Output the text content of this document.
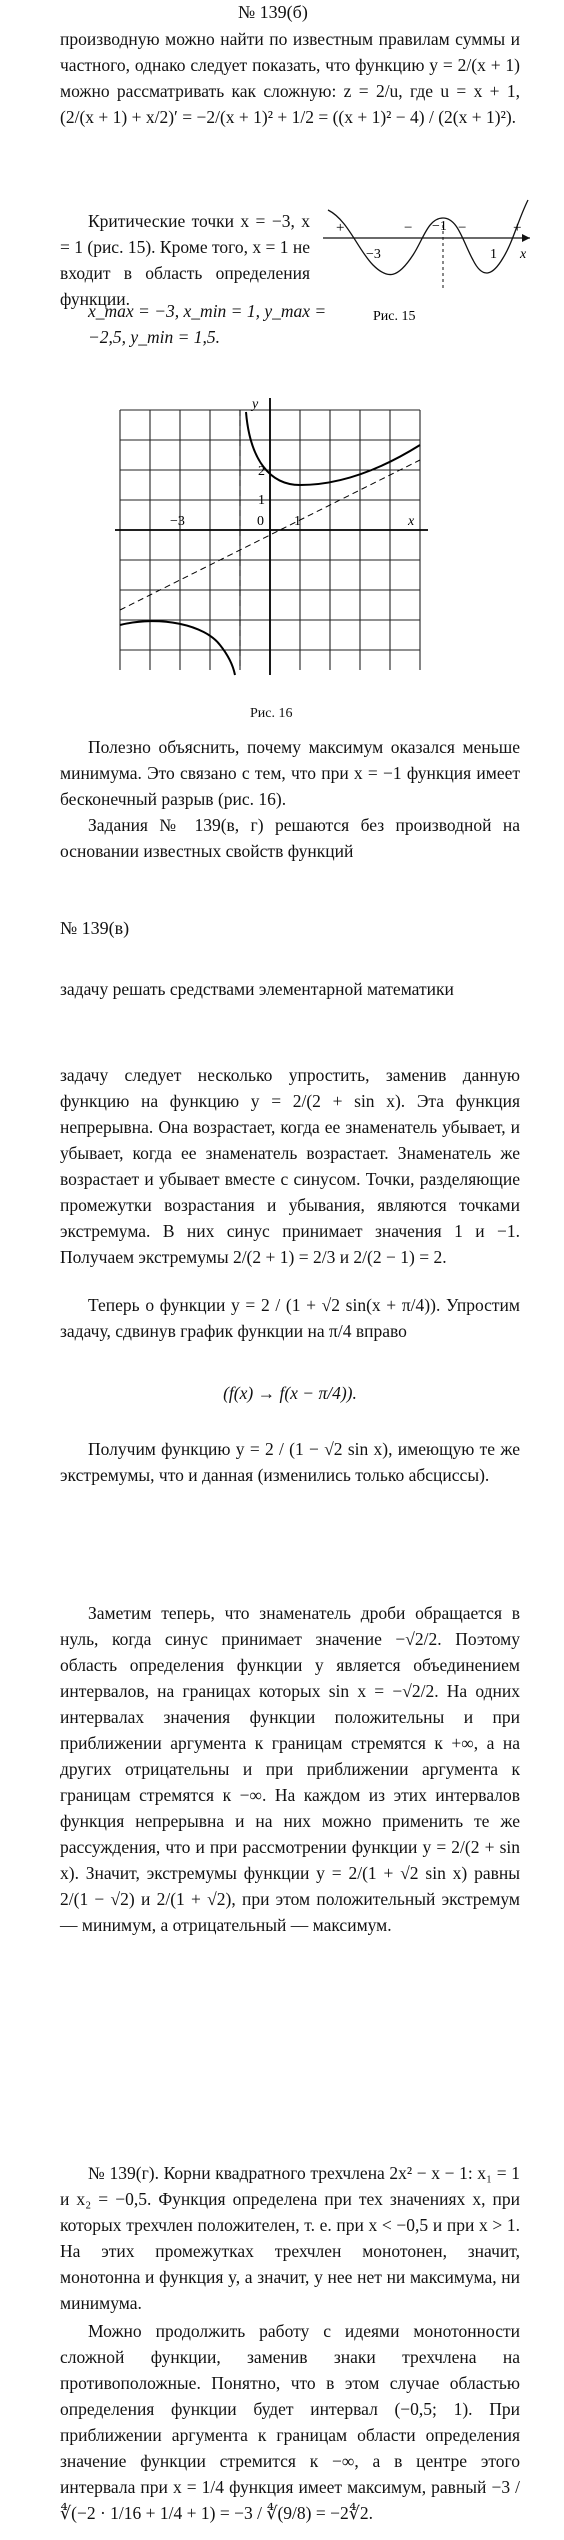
№ 139(б)
производную можно найти по известным правилам суммы и частного, однако следует показать, что функцию y = 2/(x + 1) можно рассматривать как сложную: z = 2/u, где u = x + 1, (2/(x + 1) + x/2)′ = −2/(x + 1)² + 1/2 = ((x + 1)² − 4) / (2(x + 1)²).
Критические точки x = −3, x = 1 (рис. 15). Кроме того, x = 1 не входит в область определения функции.
x_max = −3, x_min = 1, y_max = −2,5, y_min = 1,5.
+	− −1 −	+
−3	1 x
Рис. 15
y
2
1
−3	0 1	x
Рис. 16
Полезно объяснить, почему максимум оказался меньше минимума. Это связано с тем, что при x = −1 функция имеет бесконечный разрыв (рис. 16).
Задания № 139(в, г) решаются без производной на основании известных свойств функций
№ 139(в)
задачу решать средствами элементарной математики
задачу следует несколько упростить, заменив данную функцию на функцию y = 2/(2 + sin x). Эта функция непрерывна. Она возрастает, когда ее знаменатель убывает, и убывает, когда ее знаменатель возрастает. Знаменатель же возрастает и убывает вместе с синусом. Точки, разделяющие промежутки возрастания и убывания, являются точками экстремума. В них синус принимает значения 1 и −1. Получаем экстремумы 2/(2 + 1) = 2/3 и 2/(2 − 1) = 2.
Теперь о функции y = 2 / (1 + √2 sin(x + π/4)). Упростим задачу, сдвинув график функции на π/4 вправо
(f(x) → f(x − π/4)).
Получим функцию y = 2 / (1 − √2 sin x), имеющую те же экстремумы, что и данная (изменились только абсциссы).
Заметим теперь, что знаменатель дроби обращается в нуль, когда синус принимает значение −√2/2. Поэтому область определения функции y является объединением интервалов, на границах которых sin x = −√2/2. На одних интервалах значения функции положительны и при приближении аргумента к границам стремятся к +∞, а на других отрицательны и при приближении аргумента к границам стремятся к −∞. На каждом из этих интервалов функция непрерывна и на них можно применить те же рассуждения, что и при рассмотрении функции y = 2/(2 + sin x). Значит, экстремумы функции y = 2/(1 + √2 sin x) равны 2/(1 − √2) и 2/(1 + √2), при этом положительный экстремум — минимум, а отрицательный — максимум.
№ 139(г). Корни квадратного трехчлена 2x² − x − 1: x₁ = 1 и x₂ = −0,5. Функция определена при тех значениях x, при которых трехчлен положителен, т. е. при x < −0,5 и при x > 1. На этих промежутках трехчлен монотонен, значит, монотонна и функция y, а значит, у нее нет ни максимума, ни минимума.
Можно продолжить работу с идеями монотонности сложной функции, заменив знаки трехчлена на противоположные. Понятно, что в этом случае областью определения функции будет интервал (−0,5; 1). При приближении аргумента к границам области определения значение функции стремится к −∞, а в центре этого интервала при x = 1/4 функция имеет максимум, равный −3 / ∜(−2 · 1/16 + 1/4 + 1) = −3 / ∜(9/8) = −2∜2.
